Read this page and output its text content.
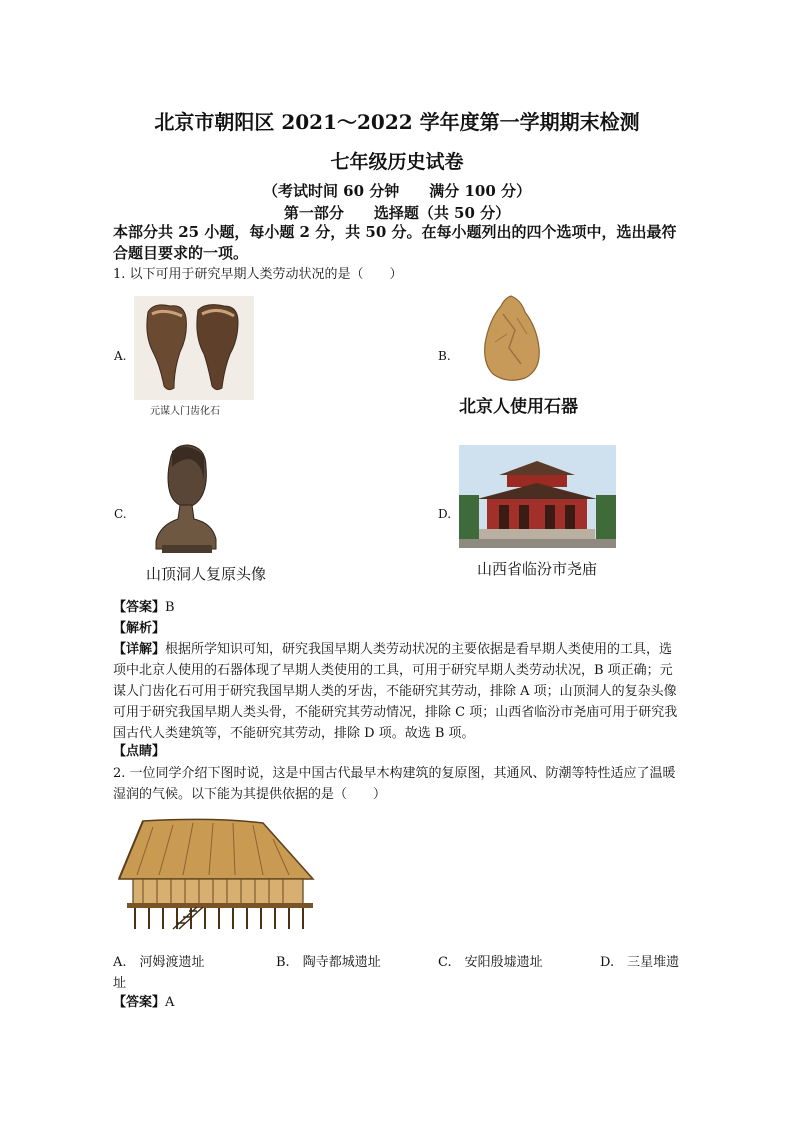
北京市朝阳区 2021～2022 学年度第一学期期末检测
七年级历史试卷
（考试时间 60 分钟　　满分 100 分）
第一部分　　选择题（共 50 分）
本部分共 25 小题，每小题 2 分，共 50 分。在每小题列出的四个选项中，选出最符合题目要求的一项。
1. 以下可用于研究早期人类劳动状况的是（　　）
A.
元谋人门齿化石
B.
北京人使用石器
C.
山顶洞人复原头像
D.
山西省临汾市尧庙
【答案】B
【解析】
【详解】根据所学知识可知，研究我国早期人类劳动状况的主要依据是看早期人类使用的工具，选项中北京人使用的石器体现了早期人类使用的工具，可用于研究早期人类劳动状况，B 项正确；元谋人门齿化石可用于研究我国早期人类的牙齿，不能研究其劳动，排除 A 项；山顶洞人的复杂头像可用于研究我国早期人类头骨，不能研究其劳动情况，排除 C 项；山西省临汾市尧庙可用于研究我国古代人类建筑等，不能研究其劳动，排除 D 项。故选 B 项。
【点睛】
2. 一位同学介绍下图时说，这是中国古代最早木构建筑的复原图，其通风、防潮等特性适应了温暖湿润的气候。以下能为其提供依据的是（　　）
A.　 河姆渡遗址	B.　 陶寺都城遗址	C.　 安阳殷墟遗址	D.　 三星堆遗
址
【答案】A
